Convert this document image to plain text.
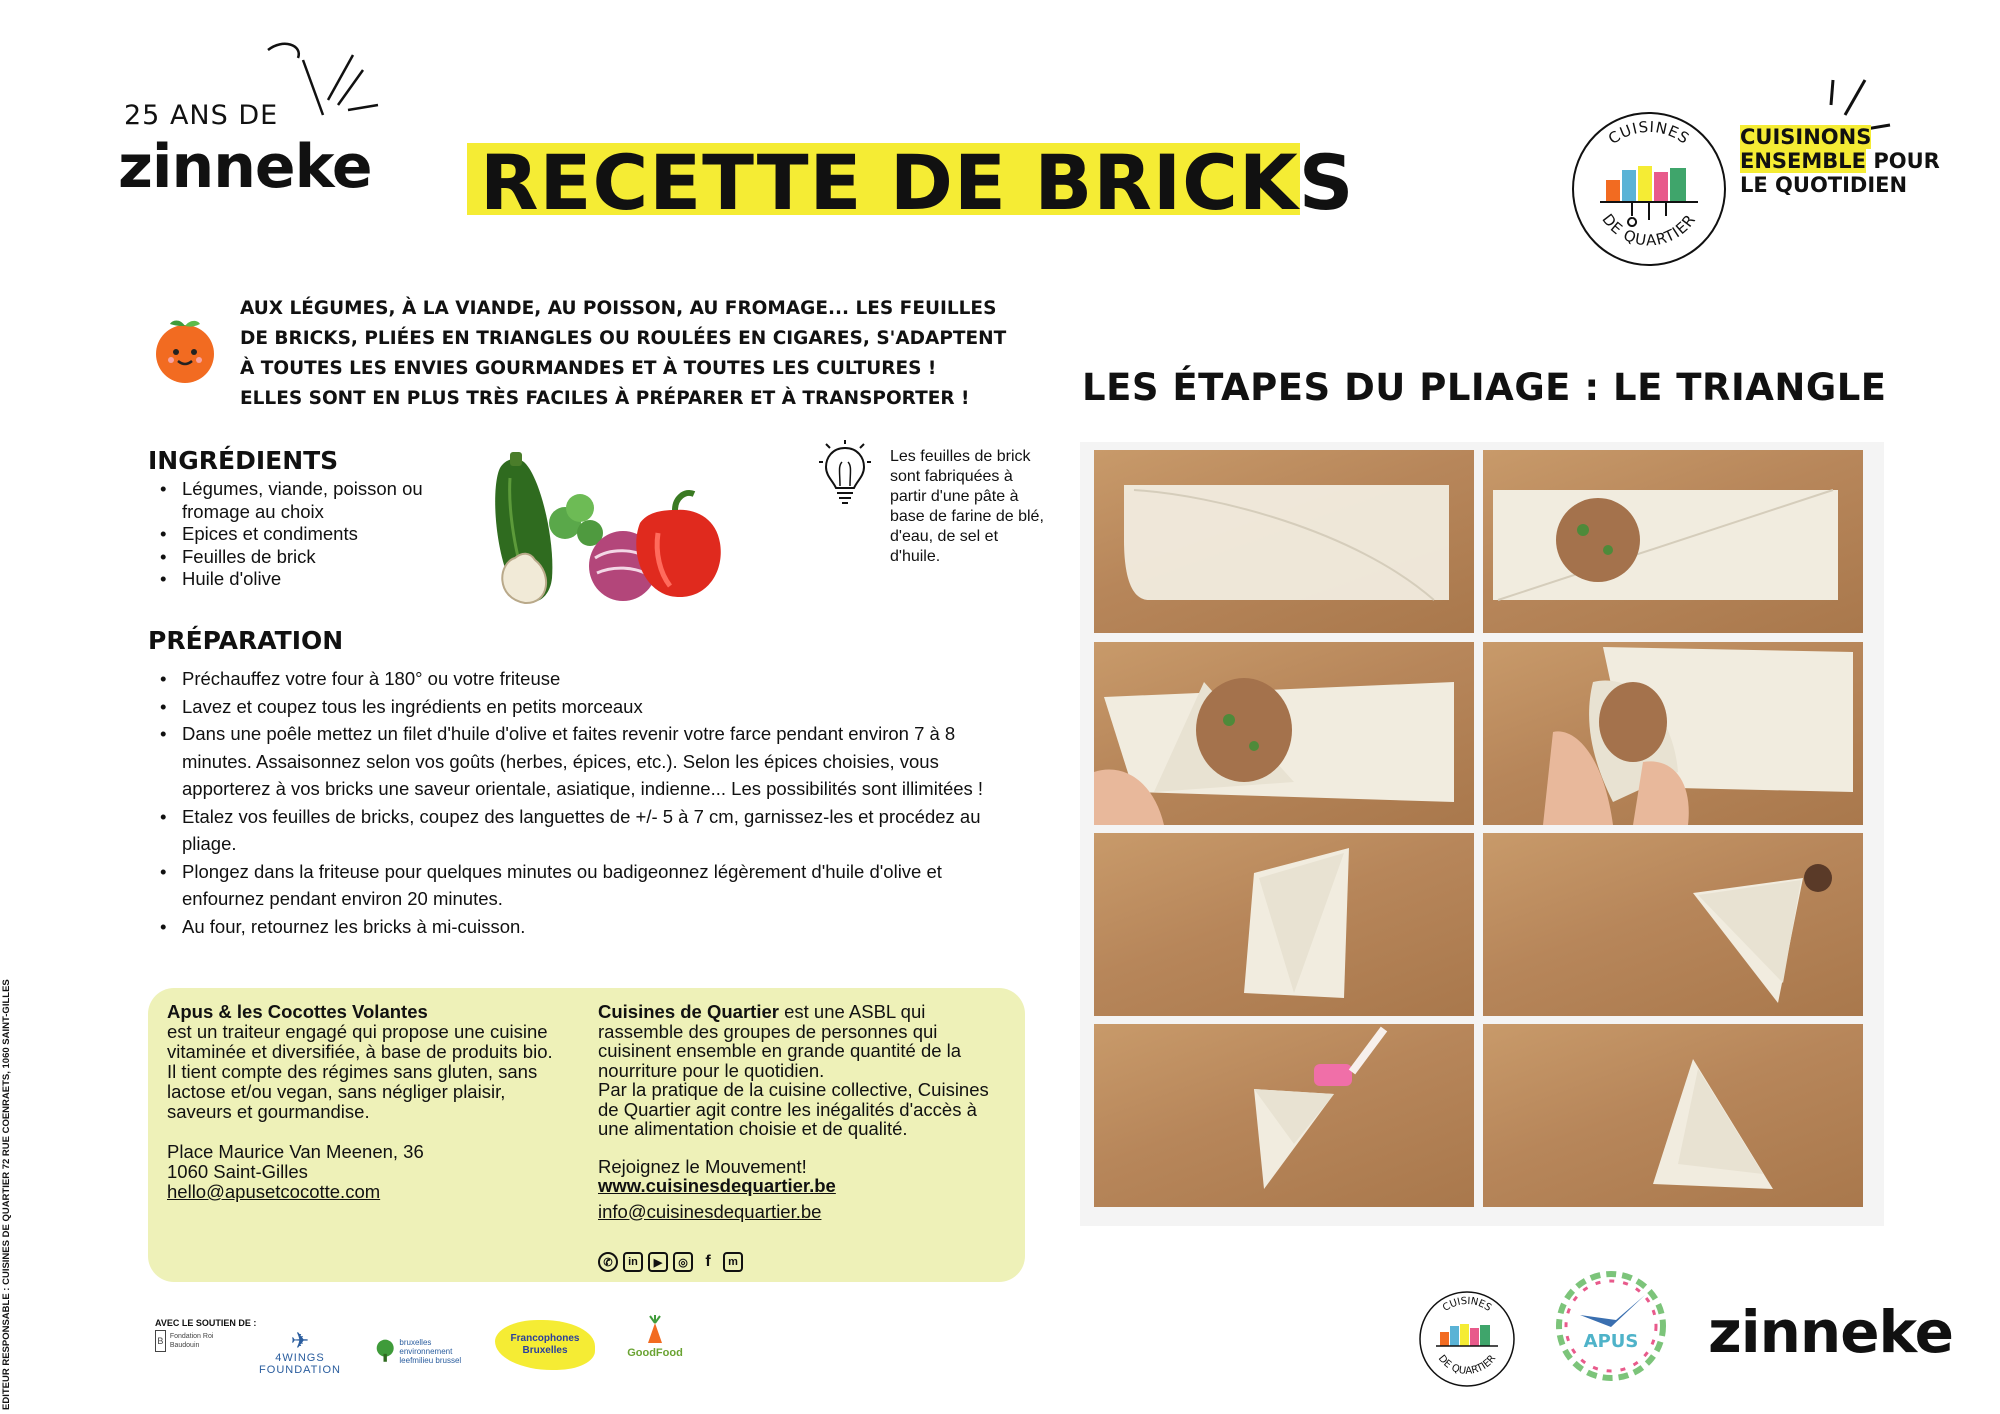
25 ANS DE
zinneke RECETTE DE BRICKS
CUISINES
DE QUARTIER
CUISINONS
ENSEMBLE POUR
LE QUOTIDIEN
AUX LÉGUMES, À LA VIANDE, AU POISSON, AU FROMAGE... LES FEUILLES
DE BRICKS, PLIÉES EN TRIANGLES OU ROULÉES EN CIGARES, S'ADAPTENT
À TOUTES LES ENVIES GOURMANDES ET À TOUTES LES CULTURES !
ELLES SONT EN PLUS TRÈS FACILES À PRÉPARER ET À TRANSPORTER !
INGRÉDIENTS
• Légumes, viande, poisson ou fromage au choix
• Epices et condiments
• Feuilles de brick
• Huile d'olive
Les feuilles de brick sont fabriquées à partir d'une pâte à base de farine de blé, d'eau, de sel et d'huile.
PRÉPARATION
• Préchauffez votre four à 180° ou votre friteuse
• Lavez et coupez tous les ingrédients en petits morceaux
• Dans une poêle mettez un filet d'huile d'olive et faites revenir votre farce pendant environ 7 à 8 minutes. Assaisonnez selon vos goûts (herbes, épices, etc.). Selon les épices choisies, vous apporterez à vos bricks une saveur orientale, asiatique, indienne... Les possibilités sont illimitées !
• Etalez vos feuilles de bricks, coupez des languettes de +/- 5 à 7 cm, garnissez-les et procédez au pliage.
• Plongez dans la friteuse pour quelques minutes ou badigeonnez légèrement d'huile d'olive et enfournez pendant environ 20 minutes.
• Au four, retournez les bricks à mi-cuisson.
Apus & les Cocottes Volantes
est un traiteur engagé qui propose une cuisine vitaminée et diversifiée, à base de produits bio. Il tient compte des régimes sans gluten, sans lactose et/ou vegan, sans négliger plaisir, saveurs et gourmandise.
Place Maurice Van Meenen, 36
1060 Saint-Gilles
hello@apusetcocotte.com
Cuisines de Quartier est une ASBL qui rassemble des groupes de personnes qui cuisinent ensemble en grande quantité de la nourriture pour le quotidien.
Par la pratique de la cuisine collective, Cuisines de Quartier agit contre les inégalités d'accès à une alimentation choisie et de qualité.
Rejoignez le Mouvement!
www.cuisinesdequartier.be
info@cuisinesdequartier.be
✆	in	▶	◎	f	m
AVEC LE SOUTIEN DE :
B Fondation Roi Baudouin	✈
4WINGS FOUNDATION
bruxelles environnement leefmilieu brussel
Francophones Bruxelles	GoodFood
LES ÉTAPES DU PLIAGE : LE TRIANGLE
CUISINES
DE QUARTIER
APUS zinneke
EDITEUR RESPONSABLE : CUISINES DE QUARTIER 72 RUE COENRAETS, 1060 SAINT-GILLES
